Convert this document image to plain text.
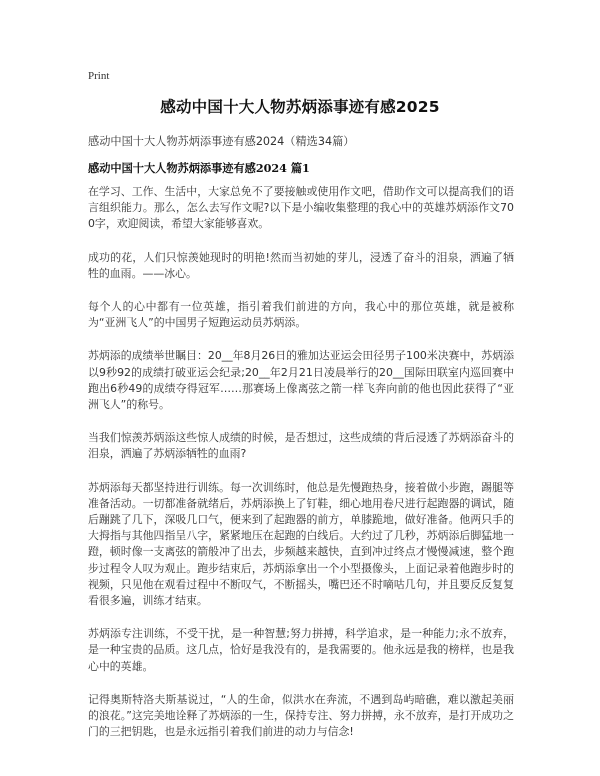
Print
感动中国十大人物苏炳添事迹有感2025
感动中国十大人物苏炳添事迹有感2024（精选34篇）
感动中国十大人物苏炳添事迹有感2024 篇1

在学习、工作、生活中，大家总免不了要接触或使用作文吧，借助作文可以提高我们的语言组织能力。那么，怎么去写作文呢?以下是小编收集整理的我心中的英雄苏炳添作文700字，欢迎阅读，希望大家能够喜欢。

成功的花，人们只惊羡她现时的明艳!然而当初她的芽儿，浸透了奋斗的泪泉，洒遍了牺牲的血雨。——冰心。

每个人的心中都有一位英雄，指引着我们前进的方向，我心中的那位英雄，就是被称为“亚洲飞人”的中国男子短跑运动员苏炳添。

苏炳添的成绩举世瞩目：20__年8月26日的雅加达亚运会田径男子100米决赛中，苏炳添以9秒92的成绩打破亚运会纪录;20__年2月21日凌晨举行的20__国际田联室内巡回赛中跑出6秒49的成绩夺得冠军……那赛场上像离弦之箭一样飞奔向前的他也因此获得了“亚洲飞人”的称号。

当我们惊羡苏炳添这些惊人成绩的时候，是否想过，这些成绩的背后浸透了苏炳添奋斗的泪泉，洒遍了苏炳添牺牲的血雨?

苏炳添每天都坚持进行训练。每一次训练时，他总是先慢跑热身，接着做小步跑，踢腿等准备活动。一切都准备就绪后，苏炳添换上了钉鞋，细心地用卷尺进行起跑器的调试，随后蹦跳了几下，深吸几口气，便来到了起跑器的前方，单膝跪地，做好准备。他两只手的大拇指与其他四指呈八字，紧紧地压在起跑的白线后。大约过了几秒，苏炳添后脚猛地一蹬，顿时像一支离弦的箭般冲了出去，步频越来越快，直到冲过终点才慢慢减速，整个跑步过程令人叹为观止。跑步结束后，苏炳添拿出一个小型摄像头，上面记录着他跑步时的视频，只见他在观看过程中不断叹气，不断摇头，嘴巴还不时嘀咕几句，并且要反反复复看很多遍，训练才结束。

苏炳添专注训练，不受干扰，是一种智慧;努力拼搏，科学追求，是一种能力;永不放弃，是一种宝贵的品质。这几点，恰好是我没有的，是我需要的。他永远是我的榜样，也是我心中的英雄。

记得奥斯特洛夫斯基说过，“人的生命，似洪水在奔流，不遇到岛屿暗礁，难以激起美丽的浪花。”这完美地诠释了苏炳添的一生，保持专注、努力拼搏，永不放弃，是打开成功之门的三把钥匙，也是永远指引着我们前进的动力与信念!
